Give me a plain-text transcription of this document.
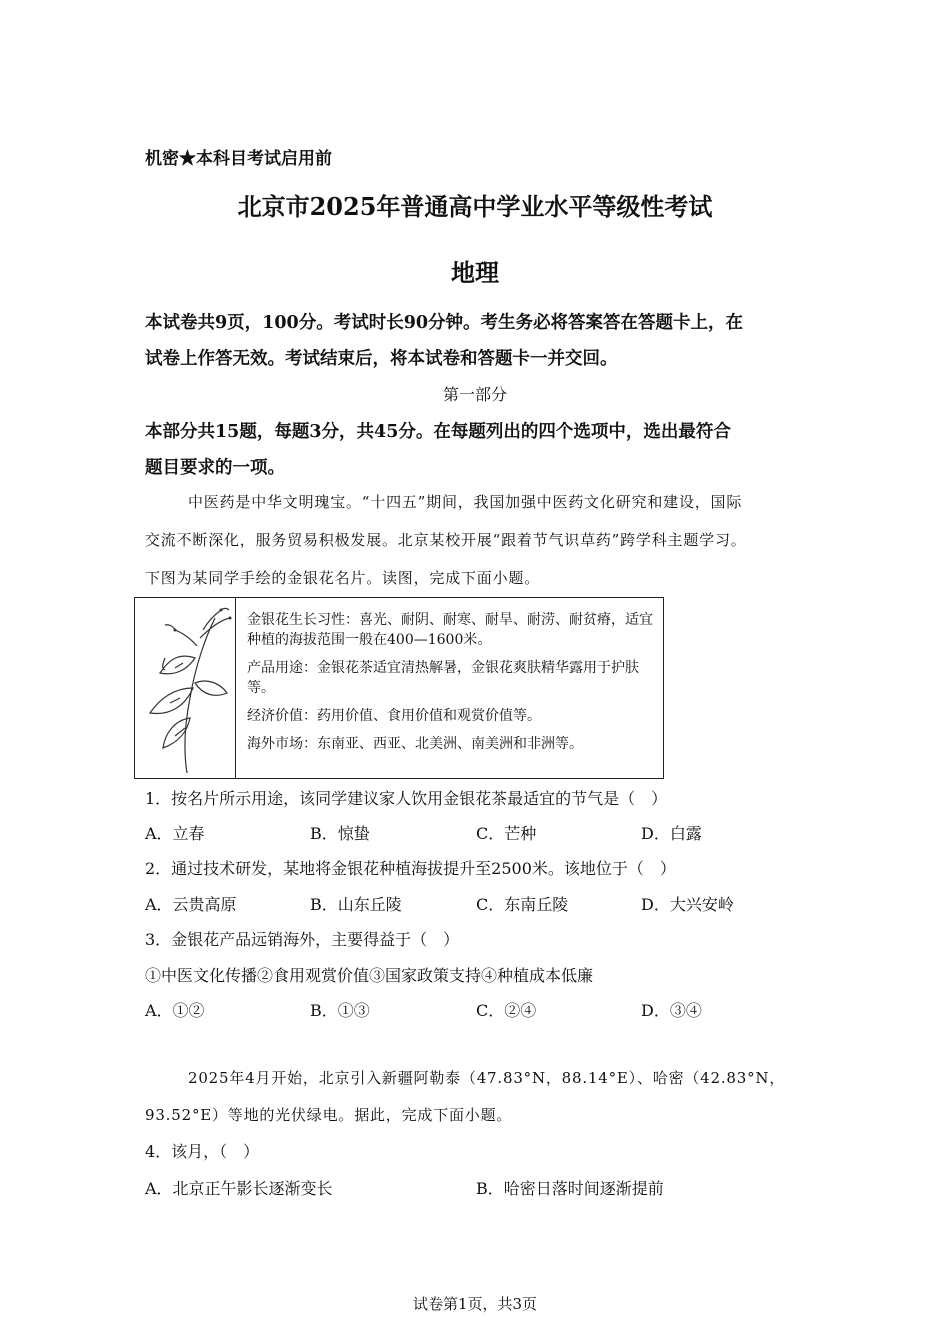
机密★本科目考试启用前
北京市2025年普通高中学业水平等级性考试
地理
本试卷共9页，100分。考试时长90分钟。考生务必将答案答在答题卡上，在
试卷上作答无效。考试结束后，将本试卷和答题卡一并交回。
第一部分
本部分共15题，每题3分，共45分。在每题列出的四个选项中，选出最符合
题目要求的一项。
中医药是中华文明瑰宝。“十四五”期间，我国加强中医药文化研究和建设，国际
交流不断深化，服务贸易积极发展。北京某校开展“跟着节气识草药”跨学科主题学习。
下图为某同学手绘的金银花名片。读图，完成下面小题。

金银花生长习性：喜光、耐阴、耐寒、耐旱、耐涝、耐贫瘠，适宜种植的海拔范围一般在400—1600米。

产品用途：金银花茶适宜清热解暑，金银花爽肤精华露用于护肤等。

经济价值：药用价值、食用价值和观赏价值等。

海外市场：东南亚、西亚、北美洲、南美洲和非洲等。

1．按名片所示用途，该同学建议家人饮用金银花茶最适宜的节气是（　）
A．立春	B．惊蛰	C．芒种	D．白露
2．通过技术研发，某地将金银花种植海拔提升至2500米。该地位于（　）
A．云贵高原	B．山东丘陵	C．东南丘陵	D．大兴安岭
3．金银花产品远销海外，主要得益于（　）
①中医文化传播②食用观赏价值③国家政策支持④种植成本低廉
A．①②	B．①③	C．②④	D．③④
2025年4月开始，北京引入新疆阿勒泰（47.83°N，88.14°E）、哈密（42.83°N，
93.52°E）等地的光伏绿电。据此，完成下面小题。
4．该月，（　）
A．北京正午影长逐渐变长	B．哈密日落时间逐渐提前
试卷第1页，共3页
